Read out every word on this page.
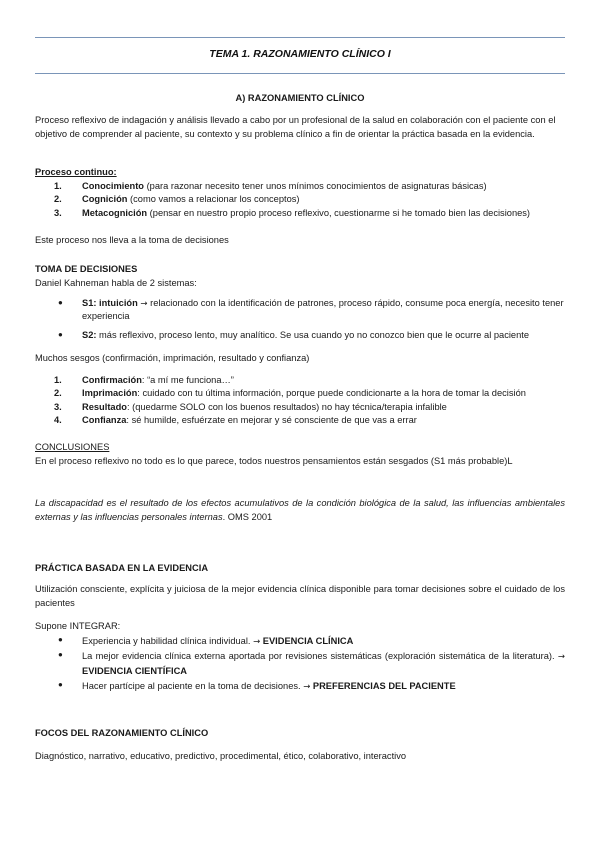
TEMA 1. RAZONAMIENTO CLÍNICO I
A) RAZONAMIENTO CLÍNICO

Proceso reflexivo de indagación y análisis llevado a cabo por un profesional de la salud en colaboración con el paciente con el objetivo de comprender al paciente, su contexto y su problema clínico a fin de orientar la práctica basada en la evidencia.

Proceso continuo:
1. Conocimiento (para razonar necesito tener unos mínimos conocimientos de asignaturas básicas)
2. Cognición (como vamos a relacionar los conceptos)
3. Metacognición (pensar en nuestro propio proceso reflexivo, cuestionarme si he tomado bien las decisiones)
Este proceso nos lleva a la toma de decisiones
TOMA DE DECISIONES
Daniel Kahneman habla de 2 sistemas:
● S1: intuición → relacionado con la identificación de patrones, proceso rápido, consume poca energía, necesito tener experiencia
● S2: más reflexivo, proceso lento, muy analítico. Se usa cuando yo no conozco bien que le ocurre al paciente
Muchos sesgos (confirmación, imprimación, resultado y confianza)
1. Confirmación: “a mí me funciona…”
2. Imprimación: cuidado con tu última información, porque puede condicionarte a la hora de tomar la decisión
3. Resultado: (quedarme SOLO con los buenos resultados) no hay técnica/terapia infalible
4. Confianza: sé humilde, esfuérzate en mejorar y sé consciente de que vas a errar
CONCLUSIONES
En el proceso reflexivo no todo es lo que parece, todos nuestros pensamientos están sesgados (S1 más probable)L

La discapacidad es el resultado de los efectos acumulativos de la condición biológica de la salud, las influencias ambientales externas y las influencias personales internas. OMS 2001

PRÁCTICA BASADA EN LA EVIDENCIA

Utilización consciente, explícita y juiciosa de la mejor evidencia clínica disponible para tomar decisiones sobre el cuidado de los pacientes

Supone INTEGRAR:
● Experiencia y habilidad clínica individual. → EVIDENCIA CLÍNICA
● La mejor evidencia clínica externa aportada por revisiones sistemáticas (exploración sistemática de la literatura). → EVIDENCIA CIENTÍFICA
● Hacer partícipe al paciente en la toma de decisiones. → PREFERENCIAS DEL PACIENTE
FOCOS DEL RAZONAMIENTO CLÍNICO
Diagnóstico, narrativo, educativo, predictivo, procedimental, ético, colaborativo, interactivo
